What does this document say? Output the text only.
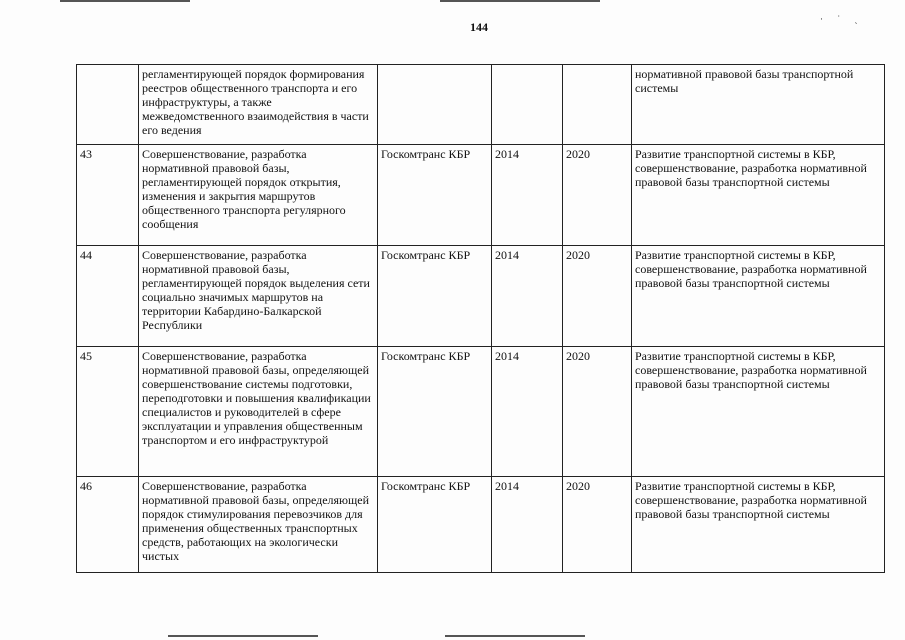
144
· ˙ ˏ
	регламентирующей порядок формирования реестров общественного транспорта и его инфраструктуры, а также межведомственного взаимодействия в части его ведения				нормативной правовой базы транспортной системы
43	Совершенствование, разработка нормативной правовой базы, регламентирующей порядок открытия, изменения и закрытия маршрутов общественного транспорта регулярного сообщения	Госкомтранс КБР	2014	2020	Развитие транспортной системы в КБР, совершенствование, разработка нормативной правовой базы транспортной системы
44	Совершенствование, разработка нормативной правовой базы, регламентирующей порядок выделения сети социально значимых маршрутов на территории Кабардино-Балкарской Республики	Госкомтранс КБР	2014	2020	Развитие транспортной системы в КБР, совершенствование, разработка нормативной правовой базы транспортной системы
45	Совершенствование, разработка нормативной правовой базы, определяющей совершенствование системы подготовки, переподготовки и повышения квалификации специалистов и руководителей в сфере эксплуатации и управления общественным транспортом и его инфраструктурой	Госкомтранс КБР	2014	2020	Развитие транспортной системы в КБР, совершенствование, разработка нормативной правовой базы транспортной системы
46	Совершенствование, разработка нормативной правовой базы, определяющей порядок стимулирования перевозчиков для применения общественных транспортных средств, работающих на экологически чистых	Госкомтранс КБР	2014	2020	Развитие транспортной системы в КБР, совершенствование, разработка нормативной правовой базы транспортной системы
